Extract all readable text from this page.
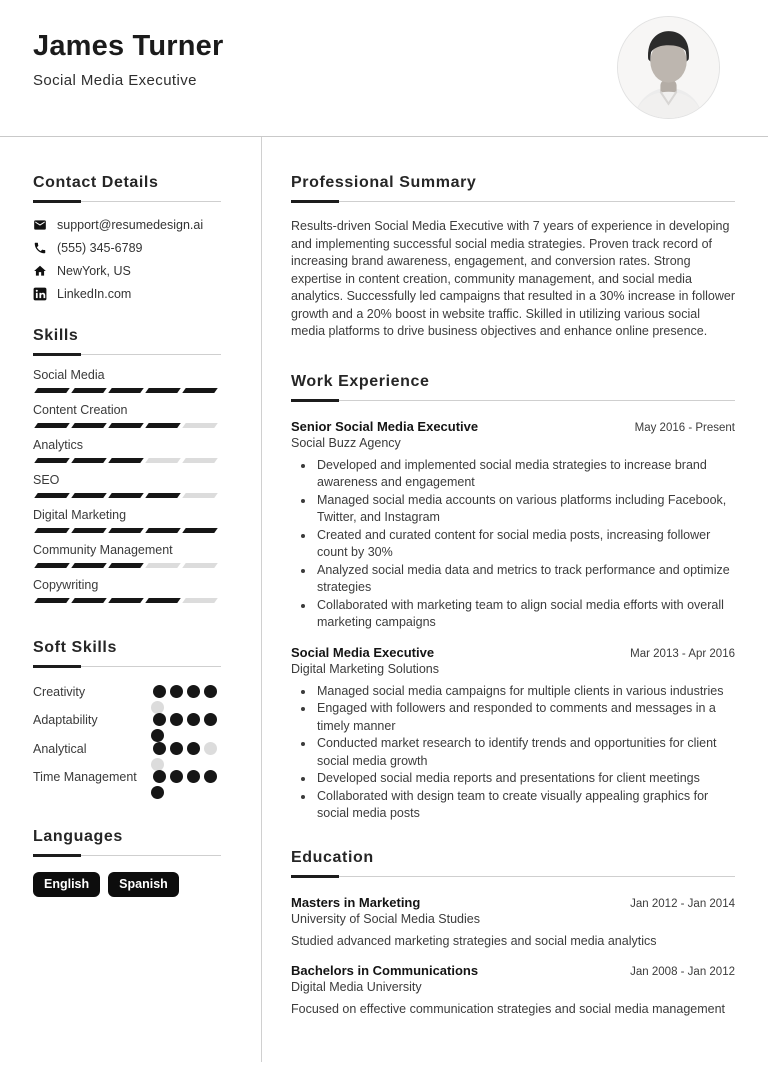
James Turner
Social Media Executive
Contact Details
support@resumedesign.ai
(555) 345-6789
NewYork, US
LinkedIn.com
Skills
Social Media
Content Creation
Analytics
SEO
Digital Marketing
Community Management
Copywriting
Soft Skills
Creativity
Adaptability
Analytical
Time Management
Languages
English	Spanish
Professional Summary
Results-driven Social Media Executive with 7 years of experience in developing and implementing successful social media strategies. Proven track record of increasing brand awareness, engagement, and conversion rates. Strong expertise in content creation, community management, and social media analytics. Successfully led campaigns that resulted in a 30% increase in follower growth and a 20% boost in website traffic. Skilled in utilizing various social media platforms to drive business objectives and enhance online presence.
Work Experience
Senior Social Media Executive	May 2016 - Present
Social Buzz Agency
• Developed and implemented social media strategies to increase brand awareness and engagement
• Managed social media accounts on various platforms including Facebook, Twitter, and Instagram
• Created and curated content for social media posts, increasing follower count by 30%
• Analyzed social media data and metrics to track performance and optimize strategies
• Collaborated with marketing team to align social media efforts with overall marketing campaigns
Social Media Executive	Mar 2013 - Apr 2016
Digital Marketing Solutions
• Managed social media campaigns for multiple clients in various industries
• Engaged with followers and responded to comments and messages in a timely manner
• Conducted market research to identify trends and opportunities for client social media growth
• Developed social media reports and presentations for client meetings
• Collaborated with design team to create visually appealing graphics for social media posts
Education
Masters in Marketing	Jan 2012 - Jan 2014
University of Social Media Studies
Studied advanced marketing strategies and social media analytics
Bachelors in Communications	Jan 2008 - Jan 2012
Digital Media University
Focused on effective communication strategies and social media management
